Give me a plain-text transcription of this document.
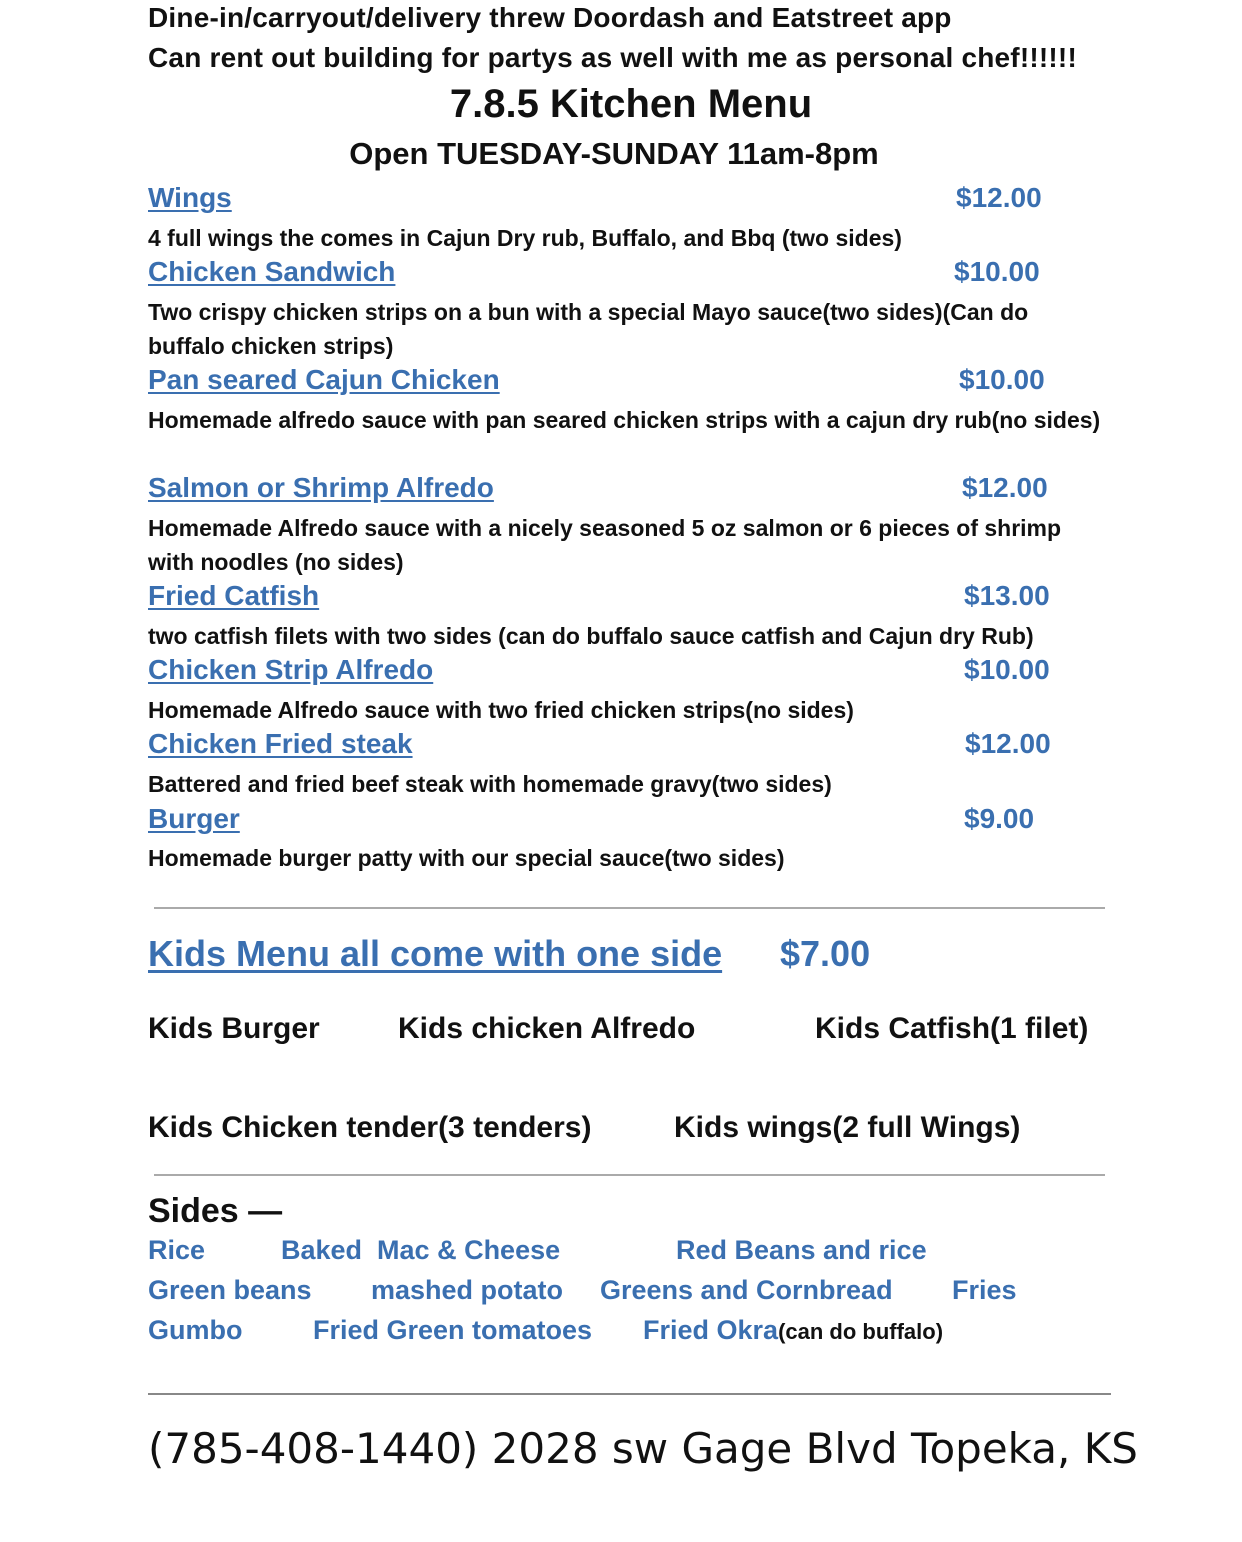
Dine-in/carryout/delivery threw Doordash and Eatstreet app
Can rent out building for partys as well with me as personal chef!!!!!!
7.8.5 Kitchen Menu
Open TUESDAY-SUNDAY 11am-8pm
Wings	$12.00
4 full wings the comes in Cajun Dry rub, Buffalo, and Bbq (two sides)
Chicken Sandwich	$10.00
Two crispy chicken strips on a bun with a special Mayo sauce(two sides)(Can do buffalo chicken strips)
Pan seared Cajun Chicken	$10.00
Homemade alfredo sauce with pan seared chicken strips with a cajun dry rub(no sides)
Salmon or Shrimp Alfredo	$12.00
Homemade Alfredo sauce with a nicely seasoned 5 oz salmon or 6 pieces of shrimp with noodles (no sides)
Fried Catfish	$13.00
two catfish filets with two sides (can do buffalo sauce catfish and Cajun dry Rub)
Chicken Strip Alfredo	$10.00
Homemade Alfredo sauce with two fried chicken strips(no sides)
Chicken Fried steak	$12.00
Battered and fried beef steak with homemade gravy(two sides)
Burger	$9.00
Homemade burger patty with our special sauce(two sides)
Kids Menu all come with one side $7.00
Kids Burger	Kids chicken Alfredo	Kids Catfish(1 filet)
Kids Chicken tender(3 tenders)	Kids wings(2 full Wings)
Sides —
Rice	Baked  Mac & Cheese	Red Beans and rice
Green beans mashed potato Greens and Cornbread Fries
Gumbo	Fried Green tomatoes Fried Okra(can do buffalo)
(785-408-1440) 2028 sw Gage Blvd Topeka, KS
